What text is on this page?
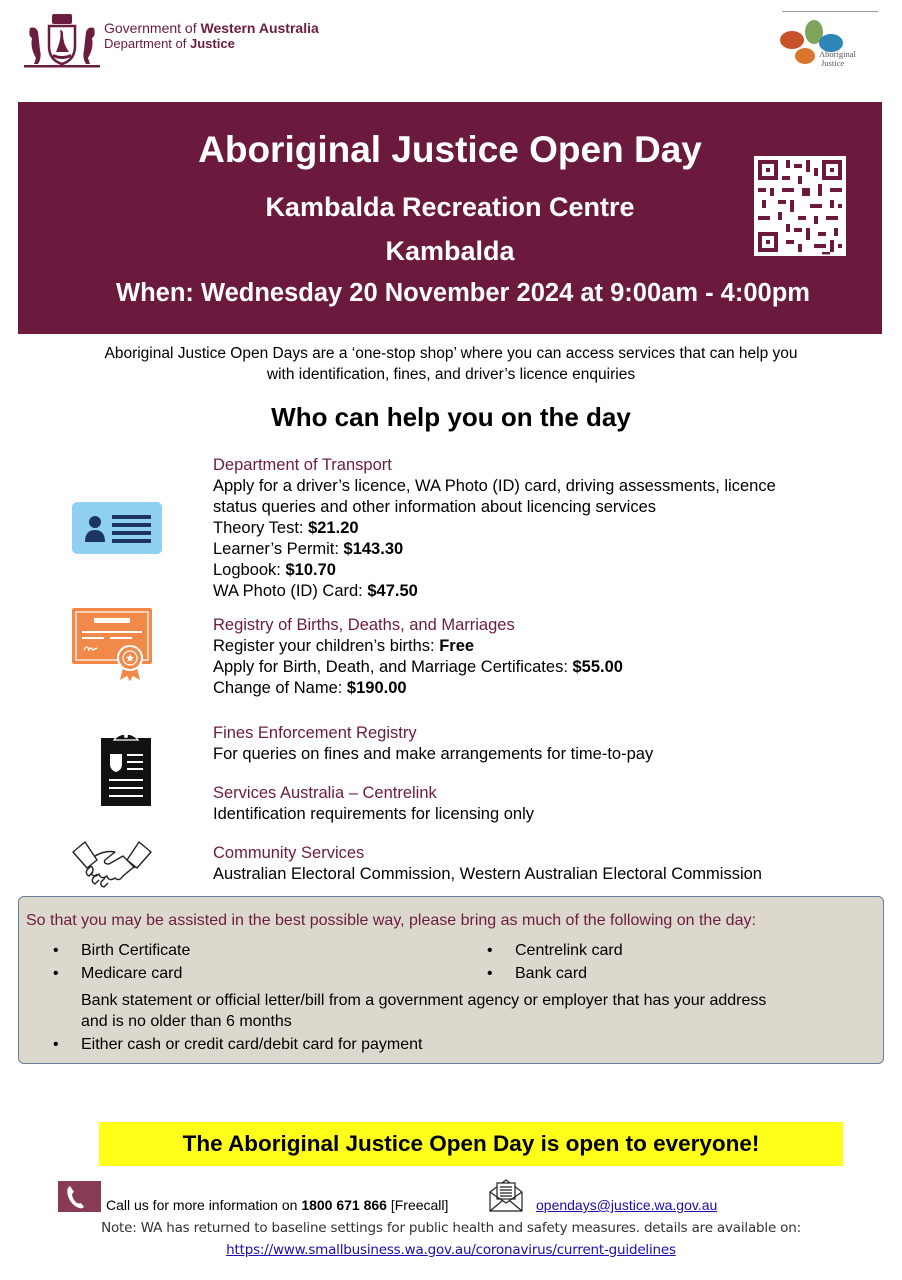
Government of Western Australia
Department of Justice
Aboriginal
Justice
Aboriginal Justice Open Day
Kambalda Recreation Centre
Kambalda
When: Wednesday 20 November 2024 at 9:00am - 4:00pm
Aboriginal Justice Open Days are a ‘one-stop shop’ where you can access services that can help you
with identification, fines, and driver’s licence enquiries
Who can help you on the day
Department of Transport
Apply for a driver’s licence, WA Photo (ID) card, driving assessments, licence
status queries and other information about licencing services
Theory Test: $21.20
Learner’s Permit: $143.30
Logbook: $10.70
WA Photo (ID) Card: $47.50
Registry of Births, Deaths, and Marriages
Register your children’s births: Free
Apply for Birth, Death, and Marriage Certificates: $55.00
Change of Name: $190.00
Fines Enforcement Registry
For queries on fines and make arrangements for time-to-pay
Services Australia – Centrelink
Identification requirements for licensing only
Community Services
Australian Electoral Commission, Western Australian Electoral Commission
So that you may be assisted in the best possible way, please bring as much of the following on the day:
• Birth Certificate
• Medicare card
• Centrelink card
• Bank card
Bank statement or official letter/bill from a government agency or employer that has your address
and is no older than 6 months
• Either cash or credit card/debit card for payment
The Aboriginal Justice Open Day is open to everyone!
Call us for more information on 1800 671 866 [Freecall]	opendays@justice.wa.gov.au
Note: WA has returned to baseline settings for public health and safety measures. details are available on:
https://www.smallbusiness.wa.gov.au/coronavirus/current-guidelines
